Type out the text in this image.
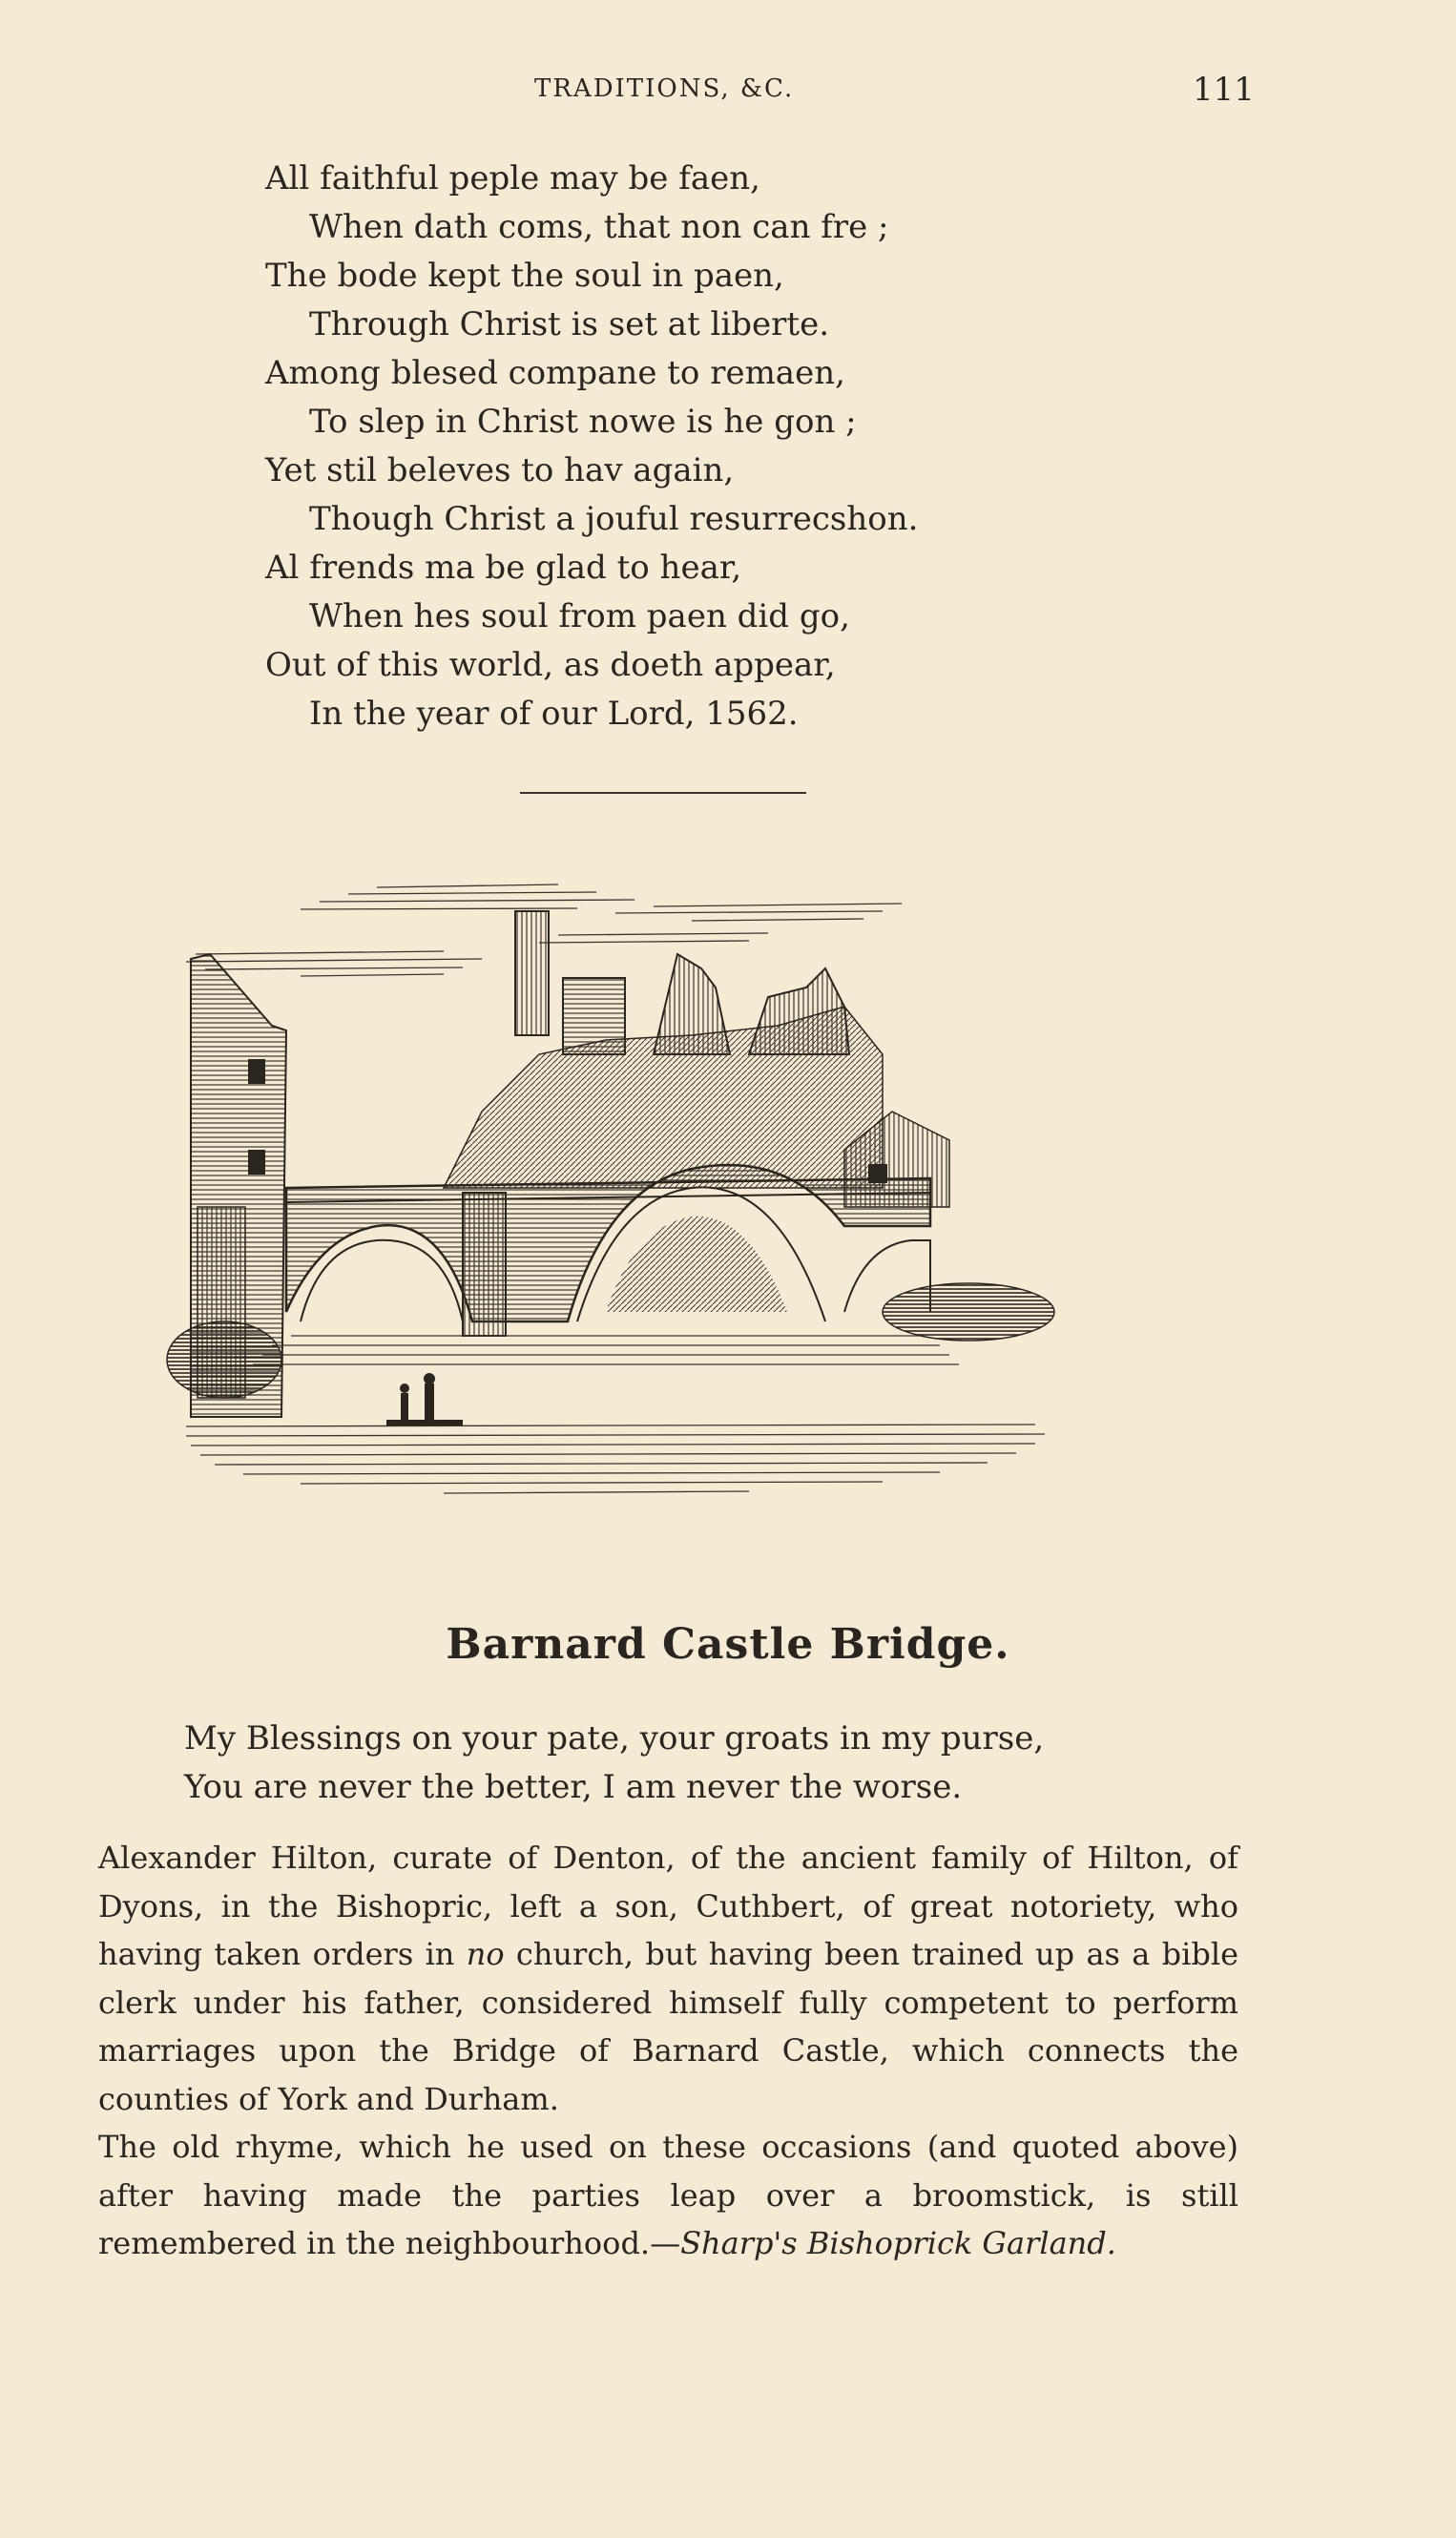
TRADITIONS, &C.	111
All faithful peple may be faen,
When dath coms, that non can fre ;
The bode kept the soul in paen,
Through Christ is set at liberte.
Among blesed compane to remaen,
To slep in Christ nowe is he gon ;
Yet stil beleves to hav again,
Though Christ a jouful resurrecshon.
Al frends ma be glad to hear,
When hes soul from paen did go,
Out of this world, as doeth appear,
In the year of our Lord, 1562.
Barnard Castle Bridge.
My Blessings on your pate, your groats in my purse,
You are never the better, I am never the worse.

Alexander Hilton, curate of Denton, of the ancient family of Hilton, of Dyons, in the Bishopric, left a son, Cuthbert, of great notoriety, who having taken orders in no church, but having been trained up as a bible clerk under his father, considered himself fully competent to perform marriages upon the Bridge of Barnard Castle, which connects the counties of York and Durham.

The old rhyme, which he used on these occasions (and quoted above) after having made the parties leap over a broomstick, is still remembered in the neighbourhood.—Sharp's Bishoprick Garland.
